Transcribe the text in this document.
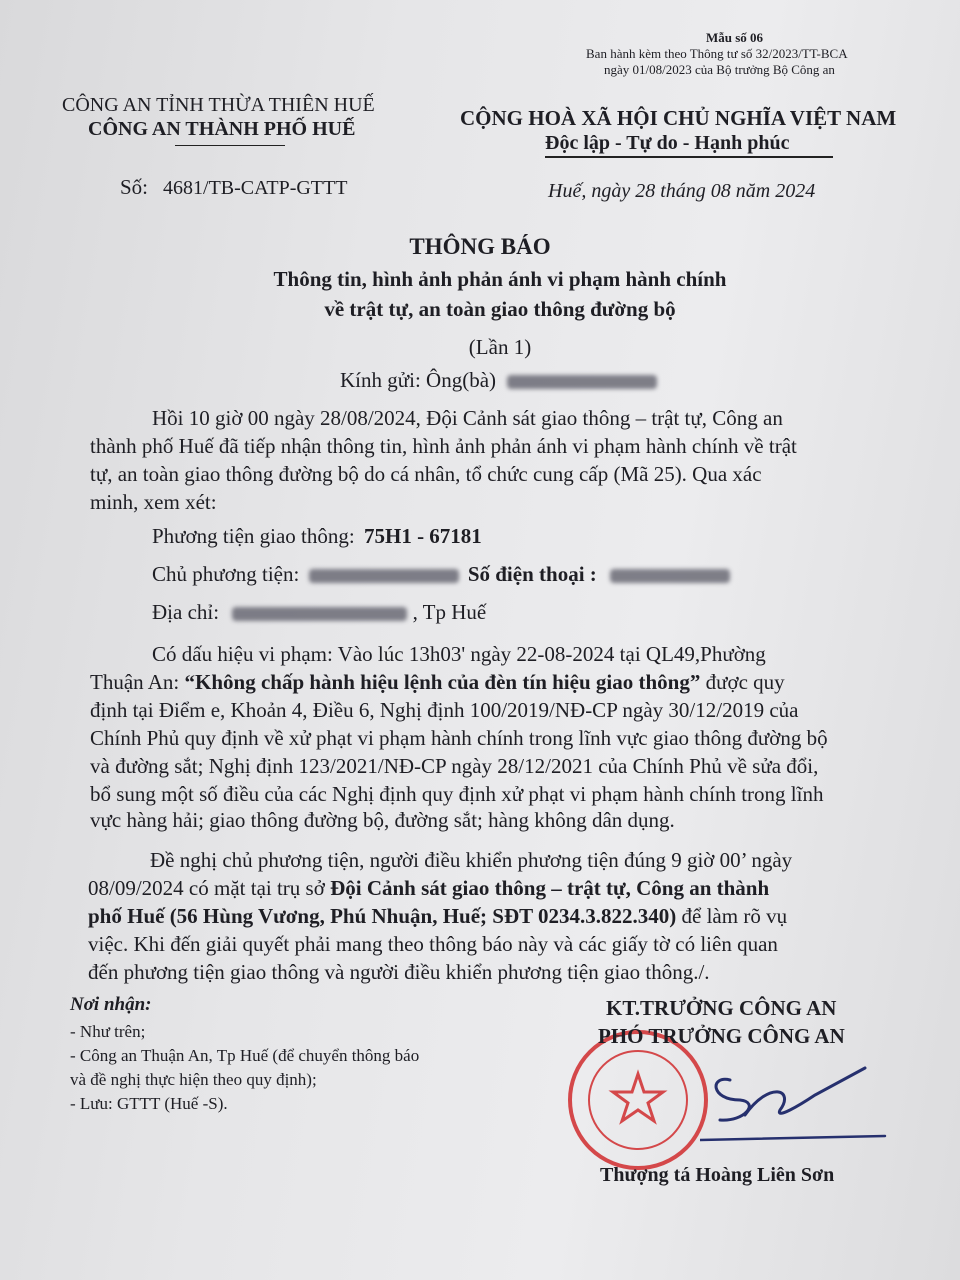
Mẫu số 06
Ban hành kèm theo Thông tư số 32/2023/TT-BCA
ngày 01/08/2023 của Bộ trưởng Bộ Công an
CÔNG AN TỈNH THỪA THIÊN HUẾ
CÔNG AN THÀNH PHỐ HUẾ	CỘNG HOÀ XÃ HỘI CHỦ NGHĨA VIỆT NAM
Độc lập - Tự do - Hạnh phúc
Số: 4681/TB-CATP-GTTT	Huế, ngày 28 tháng 08 năm 2024
THÔNG BÁO
Thông tin, hình ảnh phản ánh vi phạm hành chính
về trật tự, an toàn giao thông đường bộ
(Lần 1)
Kính gửi: Ông(bà)
Hồi 10 giờ 00 ngày 28/08/2024, Đội Cảnh sát giao thông – trật tự, Công an
thành phố Huế đã tiếp nhận thông tin, hình ảnh phản ánh vi phạm hành chính về trật
tự, an toàn giao thông đường bộ do cá nhân, tổ chức cung cấp (Mã 25). Qua xác
minh, xem xét:
Phương tiện giao thông: 75H1 - 67181
Chủ phương tiện:	Số điện thoại :
Địa chỉ:	, Tp Huế
Có dấu hiệu vi phạm: Vào lúc 13h03' ngày 22-08-2024 tại QL49,Phường
Thuận An: “Không chấp hành hiệu lệnh của đèn tín hiệu giao thông” được quy
định tại Điểm e, Khoản 4, Điều 6, Nghị định 100/2019/NĐ-CP ngày 30/12/2019 của
Chính Phủ quy định về xử phạt vi phạm hành chính trong lĩnh vực giao thông đường bộ
và đường sắt; Nghị định 123/2021/NĐ-CP ngày 28/12/2021 của Chính Phủ về sửa đổi,
bổ sung một số điều của các Nghị định quy định xử phạt vi phạm hành chính trong lĩnh
vực hàng hải; giao thông đường bộ, đường sắt; hàng không dân dụng.
Đề nghị chủ phương tiện, người điều khiển phương tiện đúng 9 giờ 00’ ngày
08/09/2024 có mặt tại trụ sở Đội Cảnh sát giao thông – trật tự, Công an thành
phố Huế (56 Hùng Vương, Phú Nhuận, Huế; SĐT 0234.3.822.340) để làm rõ vụ
việc. Khi đến giải quyết phải mang theo thông báo này và các giấy tờ có liên quan
đến phương tiện giao thông và người điều khiển phương tiện giao thông./.
Nơi nhận:
- Như trên;
- Công an Thuận An, Tp Huế (để chuyển thông báo
và đề nghị thực hiện theo quy định);
- Lưu: GTTT (Huế -S).
KT.TRƯỞNG CÔNG AN
PHÓ TRƯỞNG CÔNG AN
Thượng tá Hoàng Liên Sơn
